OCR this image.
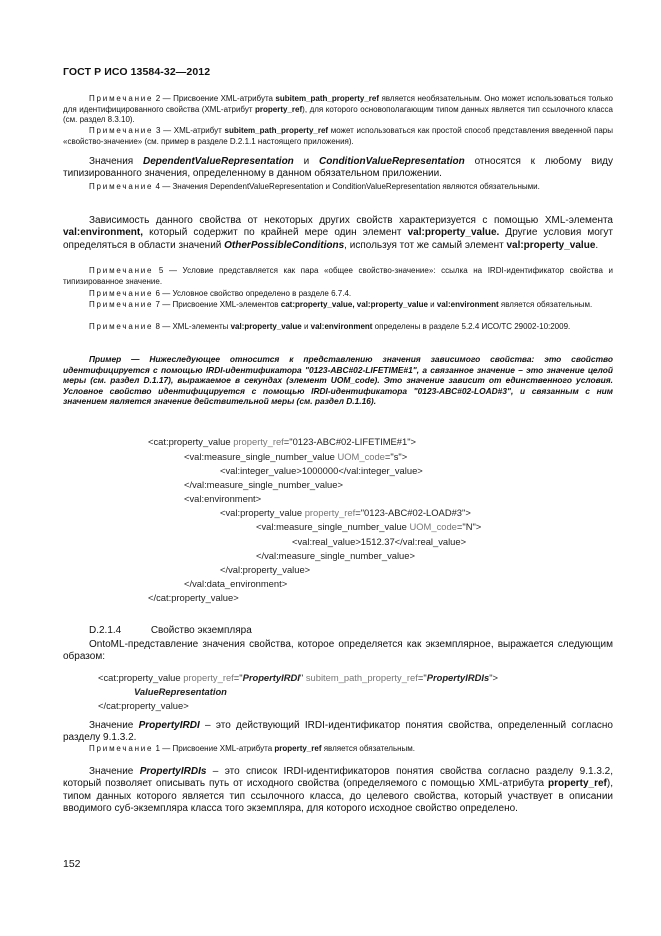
ГОСТ Р ИСО 13584-32—2012
Примечание 2 — Присвоение XML-атрибута subitem_path_property_ref является необязательным. Оно может использоваться только для идентифицированного свойства (XML-атрибут property_ref), для которого основополагающим типом данных является тип ссылочного класса (см. раздел 8.3.10).
Примечание 3 — XML-атрибут subitem_path_property_ref может использоваться как простой способ представления введенной пары «свойство-значение» (см. пример в разделе D.2.1.1 настоящего приложения).
Значения DependentValueRepresentation и ConditionValueRepresentation относятся к любому виду типизированного значения, определенному в данном обязательном приложении.
Примечание 4 — Значения DependentValueRepresentation и ConditionValueRepresentation являются обязательными.
Зависимость данного свойства от некоторых других свойств характеризуется с помощью XML-элемента val:environment, который содержит по крайней мере один элемент val:property_value. Другие условия могут определяться в области значений OtherPossibleConditions, используя тот же самый элемент val:property_value.
Примечание 5 — Условие представляется как пара «общее свойство-значение»: ссылка на IRDI-идентификатор свойства и типизированное значение.
Примечание 6 — Условное свойство определено в разделе 6.7.4.
Примечание 7 — Присвоение XML-элементов cat:property_value, val:property_value и val:environment является обязательным.
Примечание 8 — XML-элементы val:property_value и val:environment определены в разделе 5.2.4 ИСО/ТС 29002-10:2009.
Пример — Нижеследующее относится к представлению значения зависимого свойства: это свойство идентифицируется с помощью IRDI-идентификатора "0123-ABC#02-LIFETIME#1", а связанное значение – это значение целой меры (см. раздел D.1.17), выражаемое в секундах (элемент UOM_code). Это значение зависит от единственного условия. Условное свойство идентифицируется с помощью IRDI-идентификатора "0123-ABC#02-LOAD#3", и связанным с ним значением является значение действительной меры (см. раздел D.1.16).
<cat:property_value property_ref="0123-ABC#02-LIFETIME#1">
<val:measure_single_number_value UOM_code="s">
<val:integer_value>1000000</val:integer_value>
</val:measure_single_number_value>
<val:environment>
<val:property_value property_ref="0123-ABC#02-LOAD#3">
<val:measure_single_number_value UOM_code="N">
<val:real_value>1512.37</val:real_value>
</val:measure_single_number_value>
</val:property_value>
</val:data_environment>
</cat:property_value>
D.2.1.4	Свойство экземпляра
OntoML-представление значения свойства, которое определяется как экземплярное, выражается следующим образом:
<cat:property_value property_ref="PropertyIRDI" subitem_path_property_ref="PropertyIRDIs">
ValueRepresentation
</cat:property_value>
Значение PropertyIRDI – это действующий IRDI-идентификатор понятия свойства, определенный согласно разделу 9.1.3.2.
Примечание 1 — Присвоение XML-атрибута property_ref является обязательным.
Значение PropertyIRDIs – это список IRDI-идентификаторов понятия свойства согласно разделу 9.1.3.2, который позволяет описывать путь от исходного свойства (определяемого с помощью XML-атрибута property_ref), типом данных которого является тип ссылочного класса, до целевого свойства, который участвует в описании вводимого суб-экземпляра класса того экземпляра, для которого исходное свойство определено.
152
